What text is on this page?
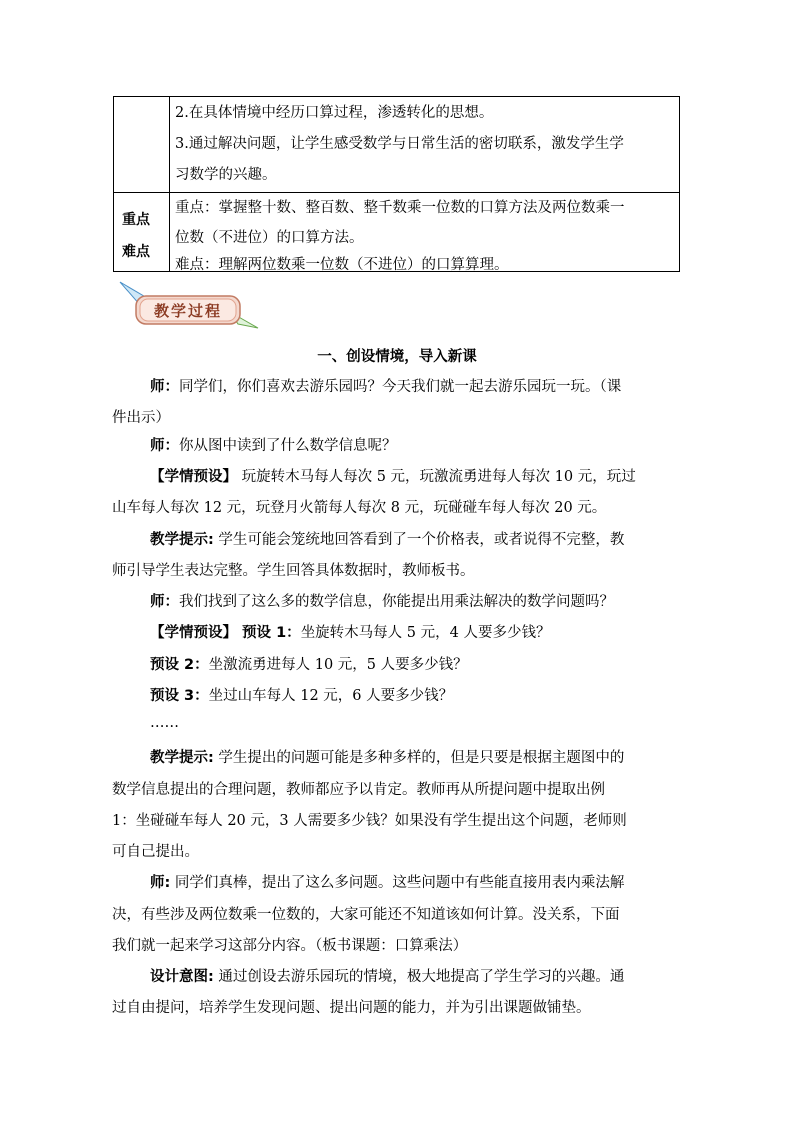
2.在具体情境中经历口算过程，渗透转化的思想。
3.通过解决问题，让学生感受数学与日常生活的密切联系，激发学生学
习数学的兴趣。
重点
难点
重点：掌握整十数、整百数、整千数乘一位数的口算方法及两位数乘一
位数（不进位）的口算方法。
难点：理解两位数乘一位数（不进位）的口算算理。
教学过程
一、创设情境，导入新课
师：同学们，你们喜欢去游乐园吗？今天我们就一起去游乐园玩一玩。（课
件出示）
师：你从图中读到了什么数学信息呢？
【学情预设】 玩旋转木马每人每次 5 元，玩激流勇进每人每次 10 元，玩过
山车每人每次 12 元，玩登月火箭每人每次 8 元，玩碰碰车每人每次 20 元。
教学提示: 学生可能会笼统地回答看到了一个价格表，或者说得不完整，教
师引导学生表达完整。学生回答具体数据时，教师板书。
师：我们找到了这么多的数学信息，你能提出用乘法解决的数学问题吗？
【学情预设】 预设 1：坐旋转木马每人 5 元，4 人要多少钱？
预设 2：坐激流勇进每人 10 元，5 人要多少钱？
预设 3：坐过山车每人 12 元，6 人要多少钱？
……
教学提示: 学生提出的问题可能是多种多样的，但是只要是根据主题图中的
数学信息提出的合理问题，教师都应予以肯定。教师再从所提问题中提取出例
1：坐碰碰车每人 20 元，3 人需要多少钱？如果没有学生提出这个问题，老师则
可自己提出。
师: 同学们真棒，提出了这么多问题。这些问题中有些能直接用表内乘法解
决，有些涉及两位数乘一位数的，大家可能还不知道该如何计算。没关系，下面
我们就一起来学习这部分内容。（板书课题：口算乘法）
设计意图: 通过创设去游乐园玩的情境，极大地提高了学生学习的兴趣。通
过自由提问，培养学生发现问题、提出问题的能力，并为引出课题做铺垫。
